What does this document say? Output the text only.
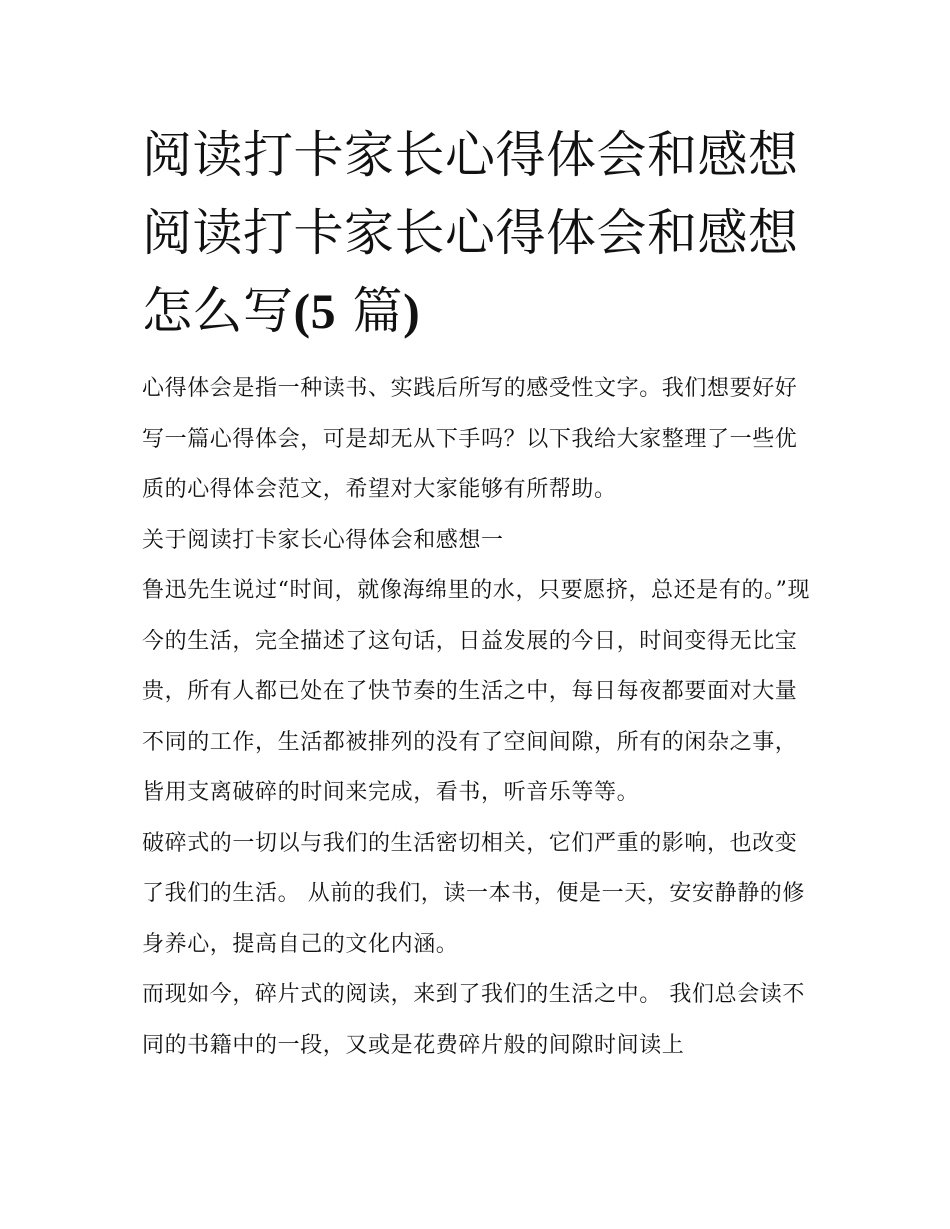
阅读打卡家长心得体会和感想
阅读打卡家长心得体会和感想
怎么写(5 篇)

心得体会是指一种读书、实践后所写的感受性文字。我们想要好好写一篇心得体会，可是却无从下手吗？以下我给大家整理了一些优质的心得体会范文，希望对大家能够有所帮助。

关于阅读打卡家长心得体会和感想一

鲁迅先生说过“时间，就像海绵里的水，只要愿挤，总还是有的。”现今的生活，完全描述了这句话，日益发展的今日，时间变得无比宝贵，所有人都已处在了快节奏的生活之中，每日每夜都要面对大量不同的工作，生活都被排列的没有了空间间隙，所有的闲杂之事，皆用支离破碎的时间来完成，看书，听音乐等等。

破碎式的一切以与我们的生活密切相关，它们严重的影响，也改变了我们的生活。 从前的我们，读一本书，便是一天，安安静静的修身养心，提高自己的文化内涵。

而现如今，碎片式的阅读，来到了我们的生活之中。 我们总会读不同的书籍中的一段，又或是花费碎片般的间隙时间读上
